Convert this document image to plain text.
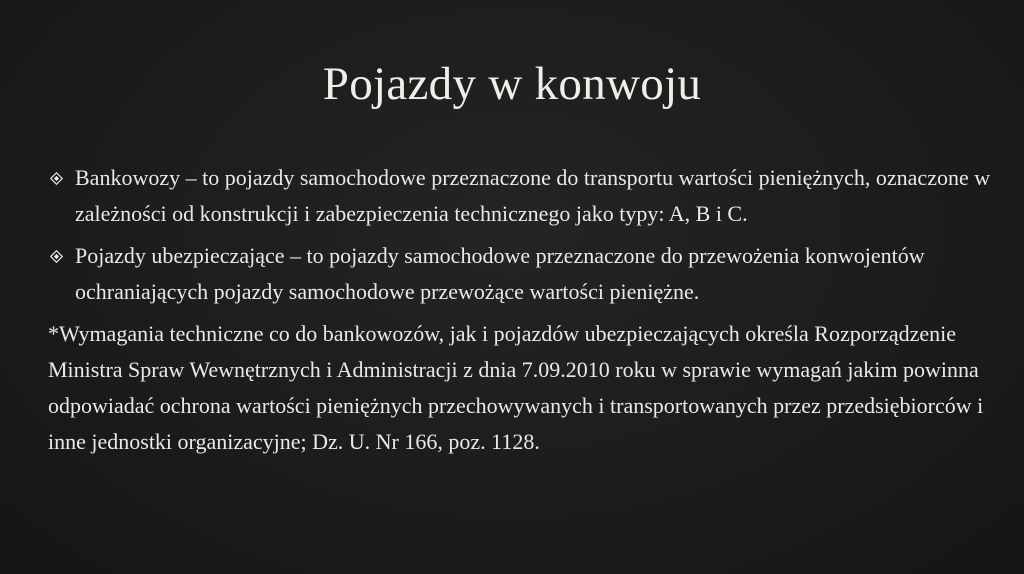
Pojazdy w konwoju
Bankowozy – to pojazdy samochodowe przeznaczone do transportu wartości pieniężnych, oznaczone w zależności od konstrukcji i zabezpieczenia technicznego jako typy: A, B i C.
Pojazdy ubezpieczające – to pojazdy samochodowe przeznaczone do przewożenia konwojentów ochraniających pojazdy samochodowe przewożące wartości pieniężne.
*Wymagania techniczne co do bankowozów, jak i pojazdów ubezpieczających określa Rozporządzenie Ministra Spraw Wewnętrznych i Administracji z dnia 7.09.2010 roku w sprawie wymagań jakim powinna odpowiadać ochrona wartości pieniężnych przechowywanych i transportowanych przez przedsiębiorców i inne jednostki organizacyjne; Dz. U. Nr 166, poz. 1128.
